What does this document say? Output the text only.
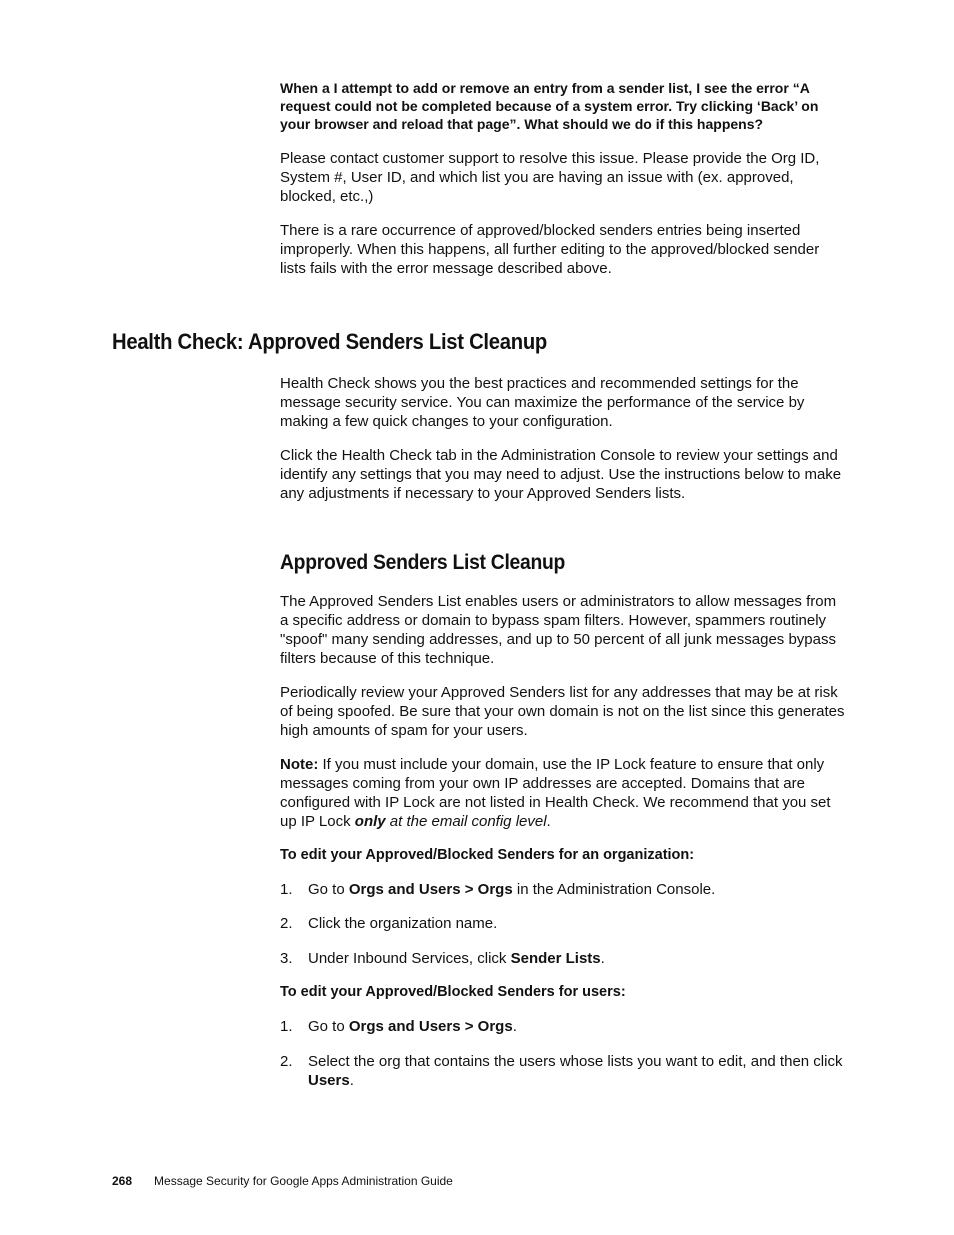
When a I attempt to add or remove an entry from a sender list, I see the error “A request could not be completed because of a system error. Try clicking ‘Back’ on your browser and reload that page”. What should we do if this happens?

Please contact customer support to resolve this issue. Please provide the Org ID, System #, User ID, and which list you are having an issue with (ex. approved, blocked, etc.,)

There is a rare occurrence of approved/blocked senders entries being inserted improperly. When this happens, all further editing to the approved/blocked sender lists fails with the error message described above.

Health Check: Approved Senders List Cleanup

Health Check shows you the best practices and recommended settings for the message security service. You can maximize the performance of the service by making a few quick changes to your configuration.

Click the Health Check tab in the Administration Console to review your settings and identify any settings that you may need to adjust. Use the instructions below to make any adjustments if necessary to your Approved Senders lists.

Approved Senders List Cleanup

The Approved Senders List enables users or administrators to allow messages from a specific address or domain to bypass spam filters. However, spammers routinely "spoof" many sending addresses, and up to 50 percent of all junk messages bypass filters because of this technique.

Periodically review your Approved Senders list for any addresses that may be at risk of being spoofed. Be sure that your own domain is not on the list since this generates high amounts of spam for your users.

Note: If you must include your domain, use the IP Lock feature to ensure that only messages coming from your own IP addresses are accepted. Domains that are configured with IP Lock are not listed in Health Check. We recommend that you set up IP Lock only at the email config level.

To edit your Approved/Blocked Senders for an organization:

1. Go to Orgs and Users > Orgs in the Administration Console.
2. Click the organization name.
3. Under Inbound Services, click Sender Lists.

To edit your Approved/Blocked Senders for users:

1. Go to Orgs and Users > Orgs.
2. Select the org that contains the users whose lists you want to edit, and then click Users.
268 Message Security for Google Apps Administration Guide
